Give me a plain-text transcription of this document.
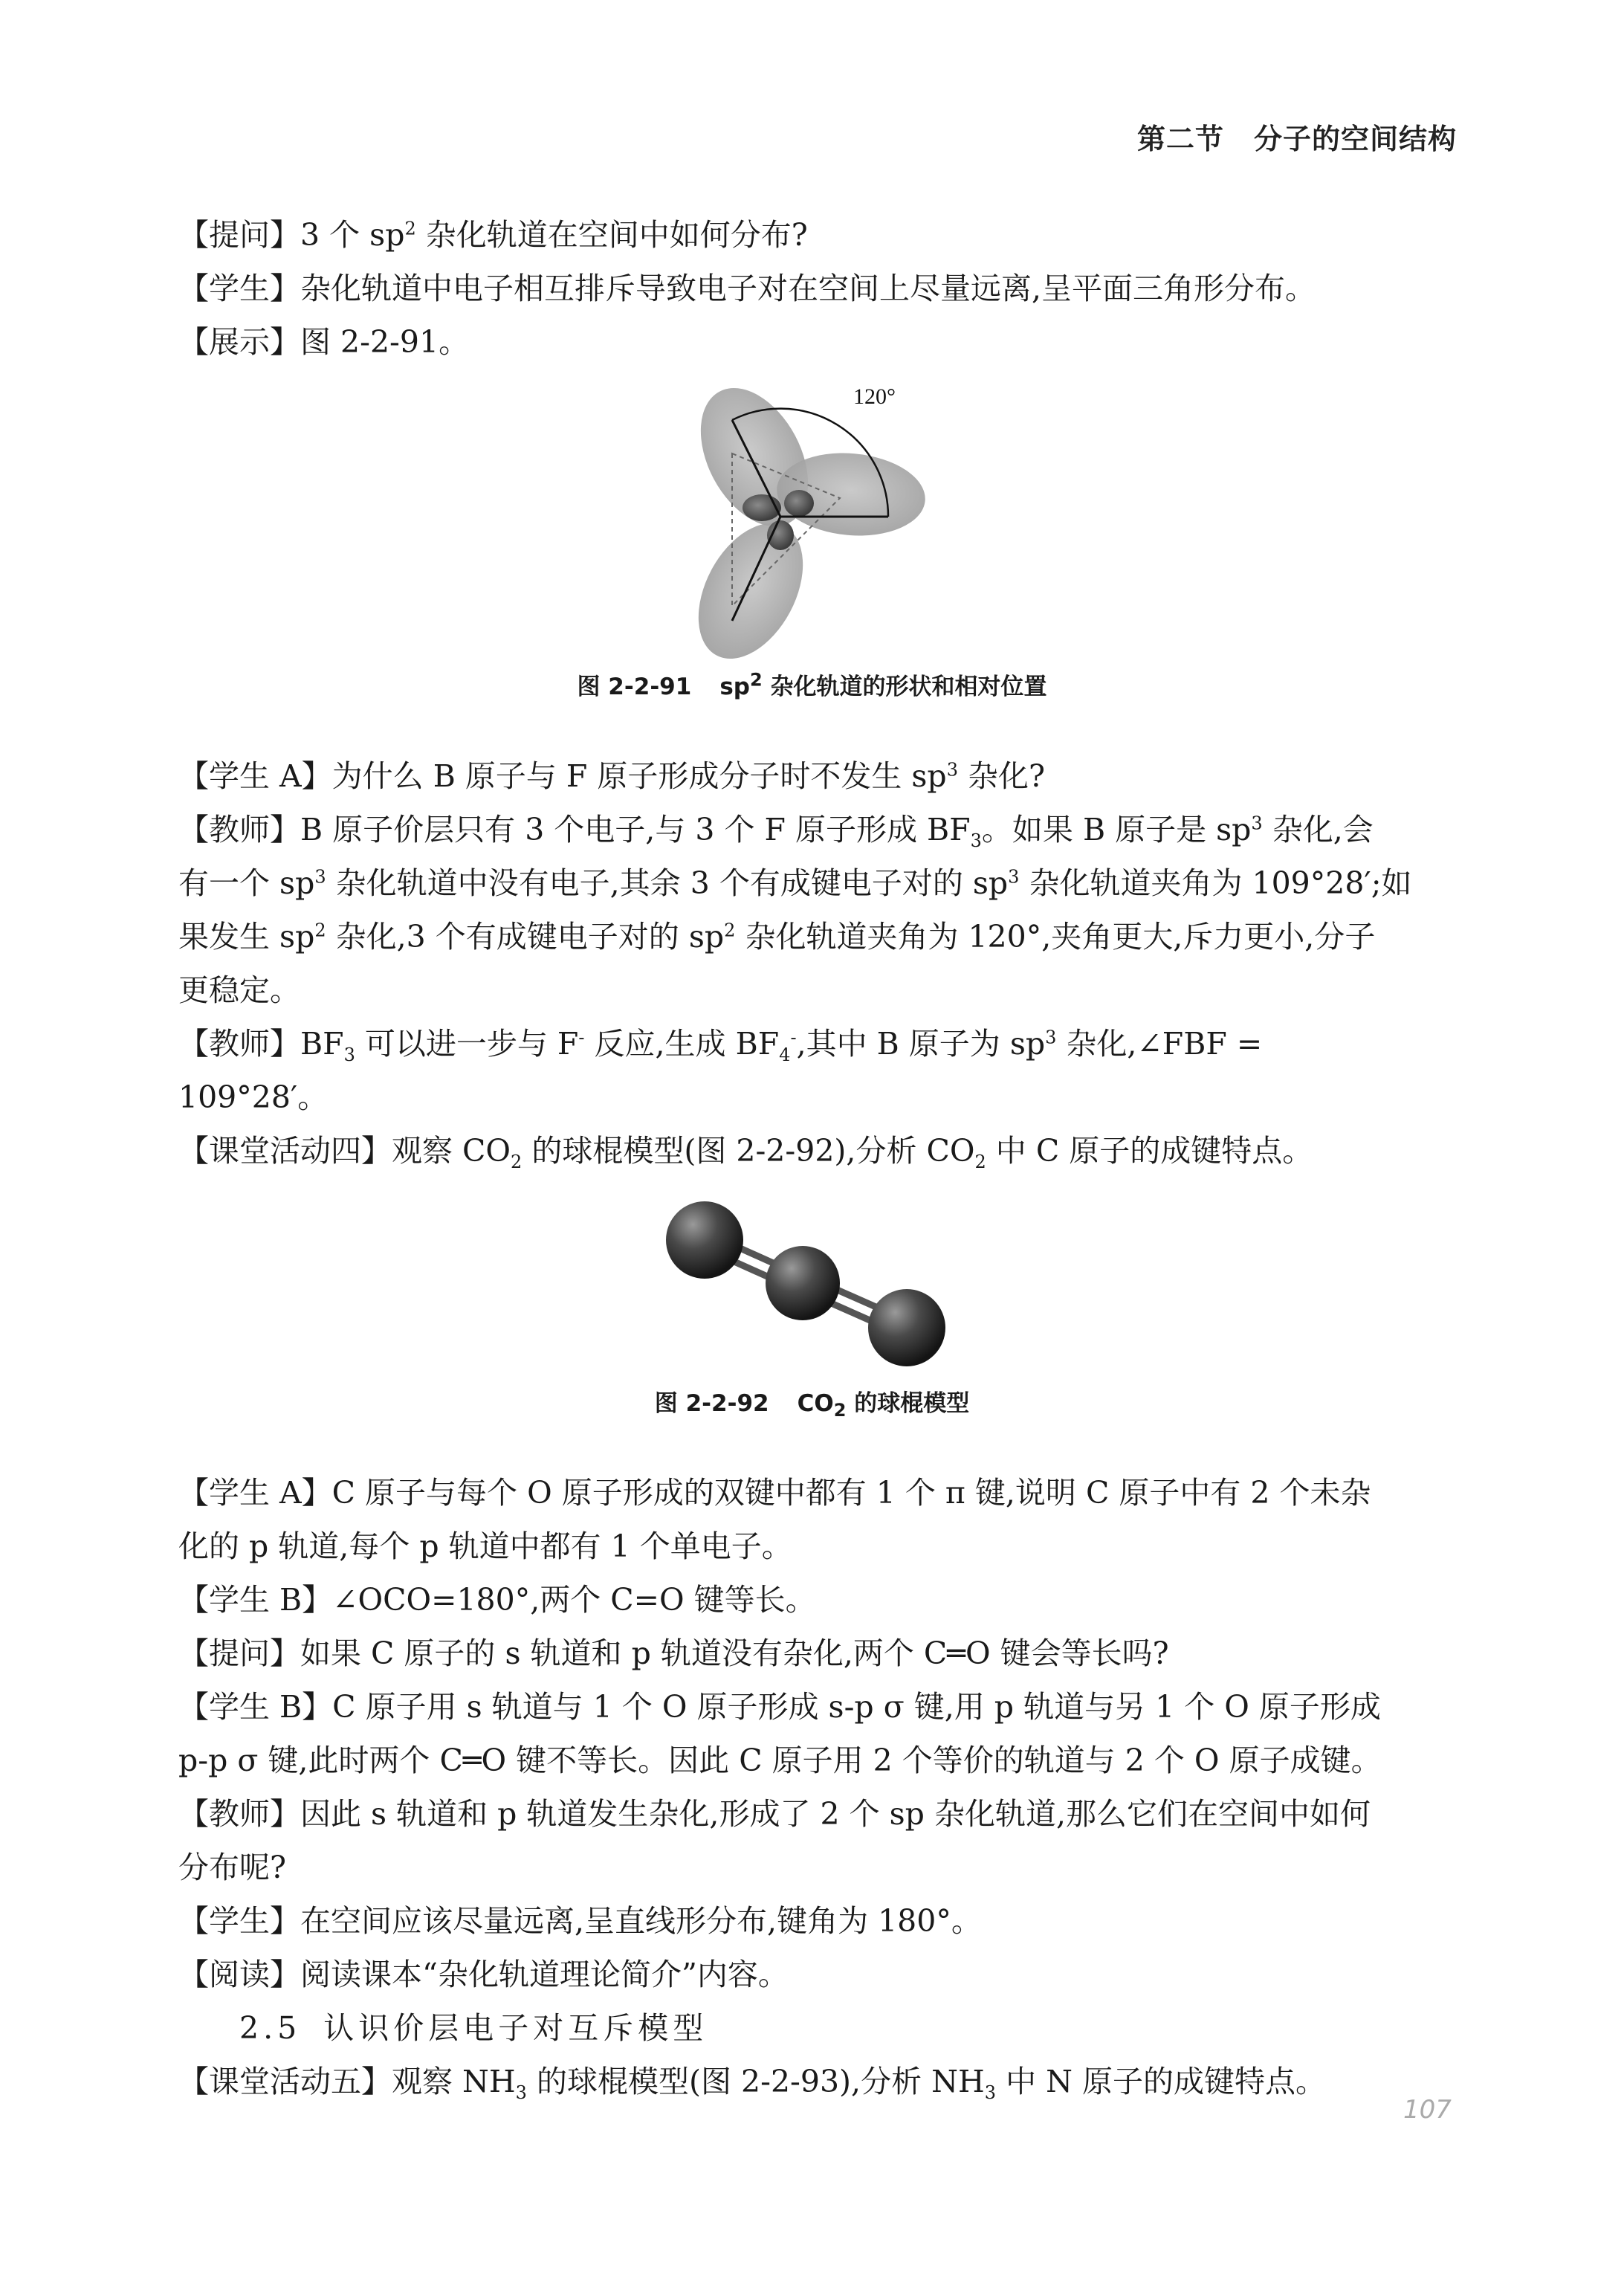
第二节 分子的空间结构
【提问】3 个 $sp^2$ 杂化轨道在空间中如何分布?
【学生】杂化轨道中电子相互排斥导致电子对在空间上尽量远离,呈平面三角形分布。
【展示】图 2-2-91。
120°
图 2-2-91 $sp^2$ 杂化轨道的形状和相对位置
【学生 A】为什么 B 原子与 F 原子形成分子时不发生 $sp^3$ 杂化?
【教师】B 原子价层只有 3 个电子,与 3 个 F 原子形成 $BF_3$。如果 B 原子是 $sp^3$ 杂化,会
有一个 $sp^3$ 杂化轨道中没有电子,其余 3 个有成键电子对的 $sp^3$ 杂化轨道夹角为 109°28′;如
果发生 $sp^2$ 杂化,3 个有成键电子对的 $sp^2$ 杂化轨道夹角为 120°,夹角更大,斥力更小,分子
更稳定。
【教师】$BF_3$ 可以进一步与 F- 反应,生成 $BF_4^-$,其中 B 原子为 $sp^3$ 杂化,∠FBF =
109°28′。
【课堂活动四】观察 $CO_2$ 的球棍模型(图 2-2-92),分析 $CO_2$ 中 C 原子的成键特点。
图 2-2-92 $CO_2$ 的球棍模型
【学生 A】C 原子与每个 O 原子形成的双键中都有 1 个 π 键,说明 C 原子中有 2 个未杂
化的 p 轨道,每个 p 轨道中都有 1 个单电子。
【学生 B】∠OCO=180°,两个 C=O 键等长。
【提问】如果 C 原子的 s 轨道和 p 轨道没有杂化,两个 C═O 键会等长吗?
【学生 B】C 原子用 s 轨道与 1 个 O 原子形成 s-p σ 键,用 p 轨道与另 1 个 O 原子形成
p-p σ 键,此时两个 C═O 键不等长。因此 C 原子用 2 个等价的轨道与 2 个 O 原子成键。
【教师】因此 s 轨道和 p 轨道发生杂化,形成了 2 个 sp 杂化轨道,那么它们在空间中如何
分布呢?
【学生】在空间应该尽量远离,呈直线形分布,键角为 180°。
【阅读】阅读课本“杂化轨道理论简介”内容。
2.5 认识价层电子对互斥模型
【课堂活动五】观察 $NH_3$ 的球棍模型(图 2-2-93),分析 $NH_3$ 中 N 原子的成键特点。
107
